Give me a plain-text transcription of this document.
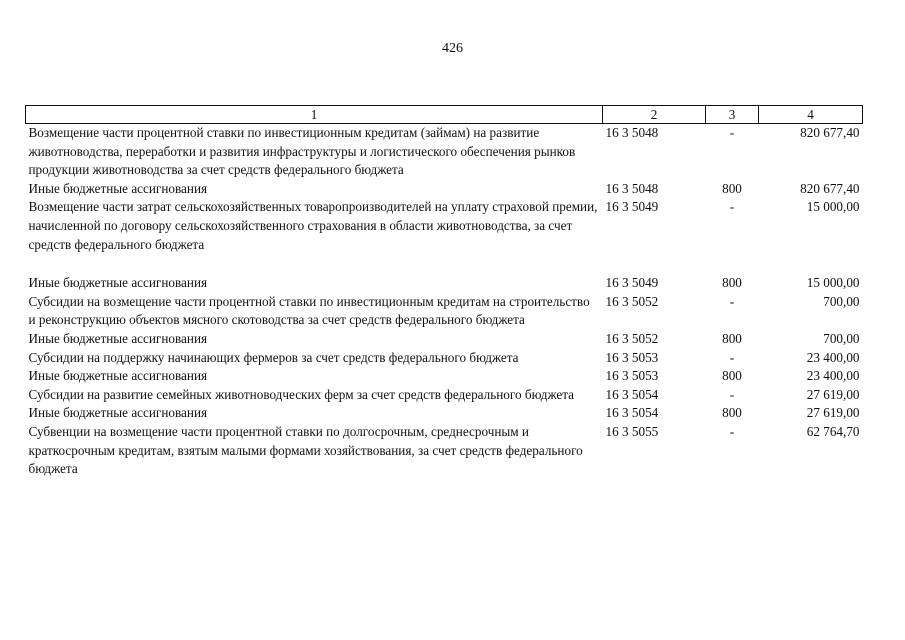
426
1	2	3	4
Возмещение части процентной ставки по инвестиционным кредитам (займам) на развитие животноводства, переработки и развития инфраструктуры и логистического обеспечения рынков продукции животноводства за счет средств федерального бюджета	16 3 5048	-	820 677,40
Иные бюджетные ассигнования	16 3 5048	800	820 677,40
Возмещение части затрат сельскохозяйственных товаропроизводителей на уплату страховой премии, начисленной по договору сельскохозяйственного страхования в области животноводства, за счет средств федерального бюджета	16 3 5049	-	15 000,00
Иные бюджетные ассигнования	16 3 5049	800	15 000,00
Субсидии на возмещение части процентной ставки по инвестиционным кредитам на строительство и реконструкцию объектов мясного скотоводства за счет средств федерального бюджета	16 3 5052	-	700,00
Иные бюджетные ассигнования	16 3 5052	800	700,00
Субсидии на поддержку начинающих фермеров за счет средств федерального бюджета	16 3 5053	-	23 400,00
Иные бюджетные ассигнования	16 3 5053	800	23 400,00
Субсидии на развитие семейных животноводческих ферм за счет средств федерального бюджета	16 3 5054	-	27 619,00
Иные бюджетные ассигнования	16 3 5054	800	27 619,00
Субвенции на возмещение части процентной ставки по долгосрочным, среднесрочным и краткосрочным кредитам, взятым малыми формами хозяйствования, за счет средств федерального бюджета	16 3 5055	-	62 764,70
